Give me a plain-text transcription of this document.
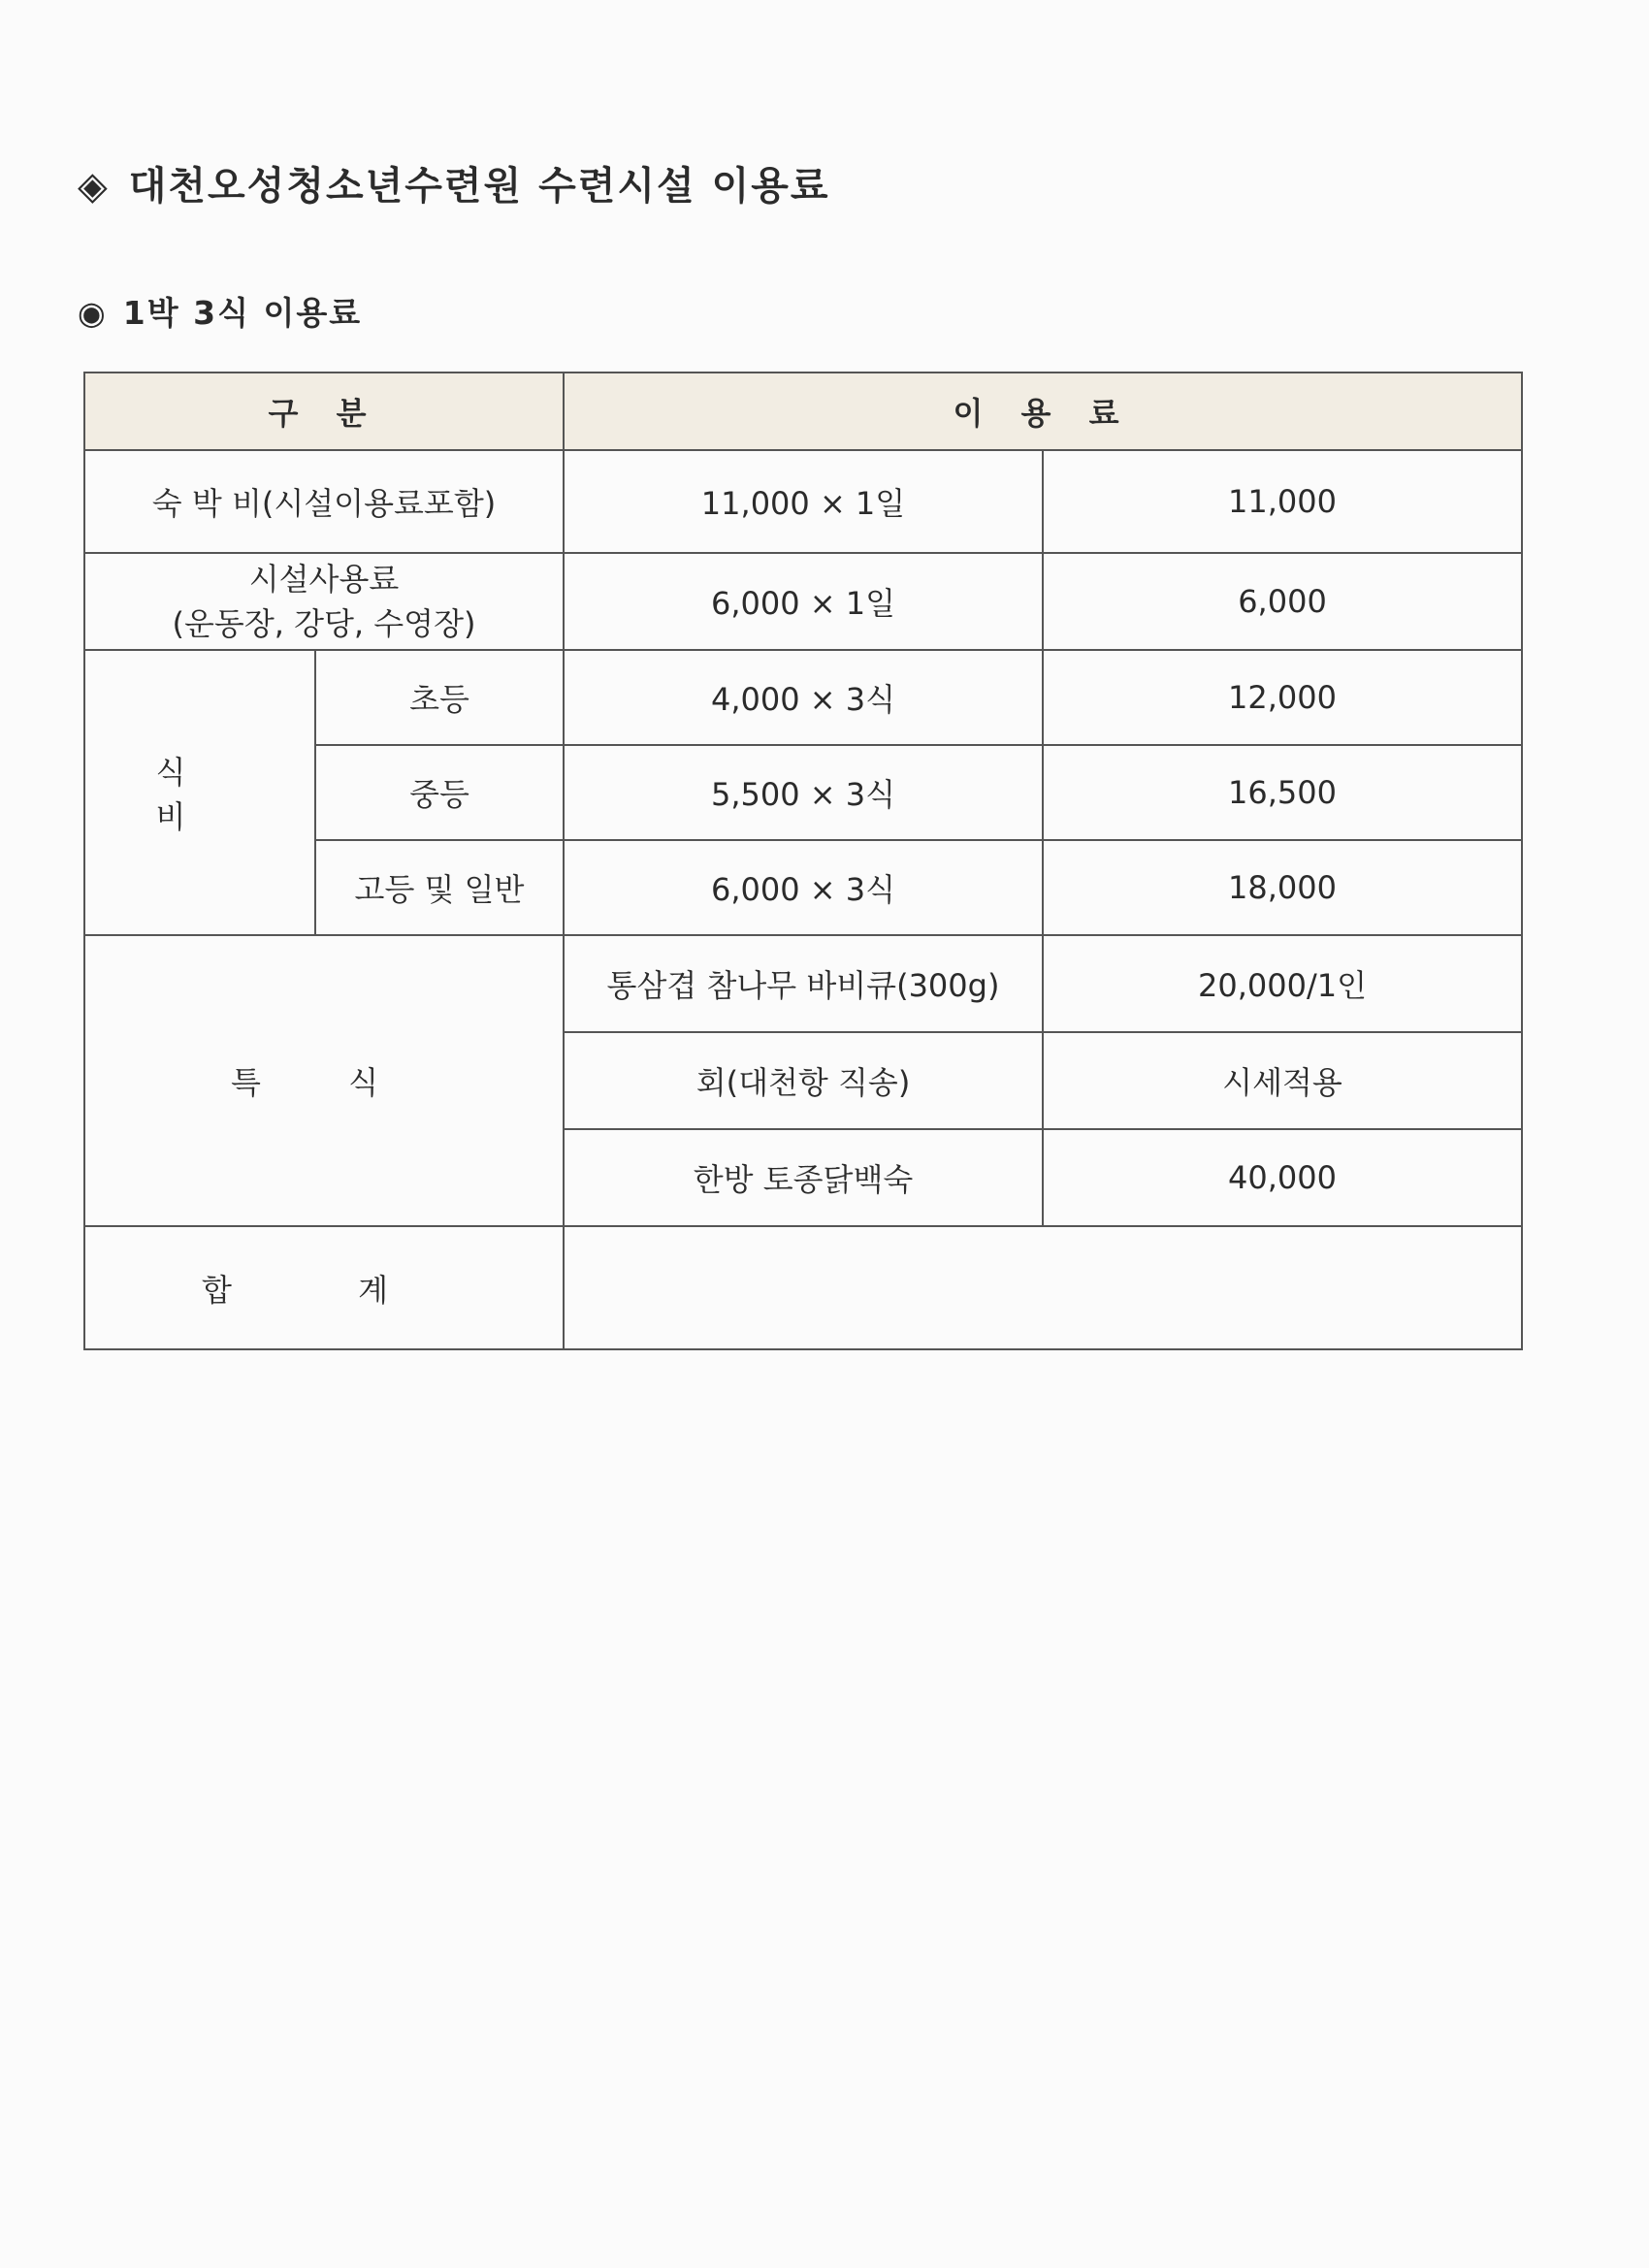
◈ 대천오성청소년수련원 수련시설 이용료
◉ 1박 3식 이용료
구 분		이 용 료	
숙 박 비(시설이용료포함)		11,000 × 1일	11,000

시설사용료
(운동장, 강당, 수영장)		6,000 × 1일	6,000
식 비	초등	4,000 × 3식	12,000
	중등	5,500 × 3식	16,500
	고등 및 일반	6,000 × 3식	18,000
특 식		통삼겹 참나무 바비큐(300g)	20,000/1인
		회(대천항 직송)	시세적용
		한방 토종닭백숙	40,000
합 계			
